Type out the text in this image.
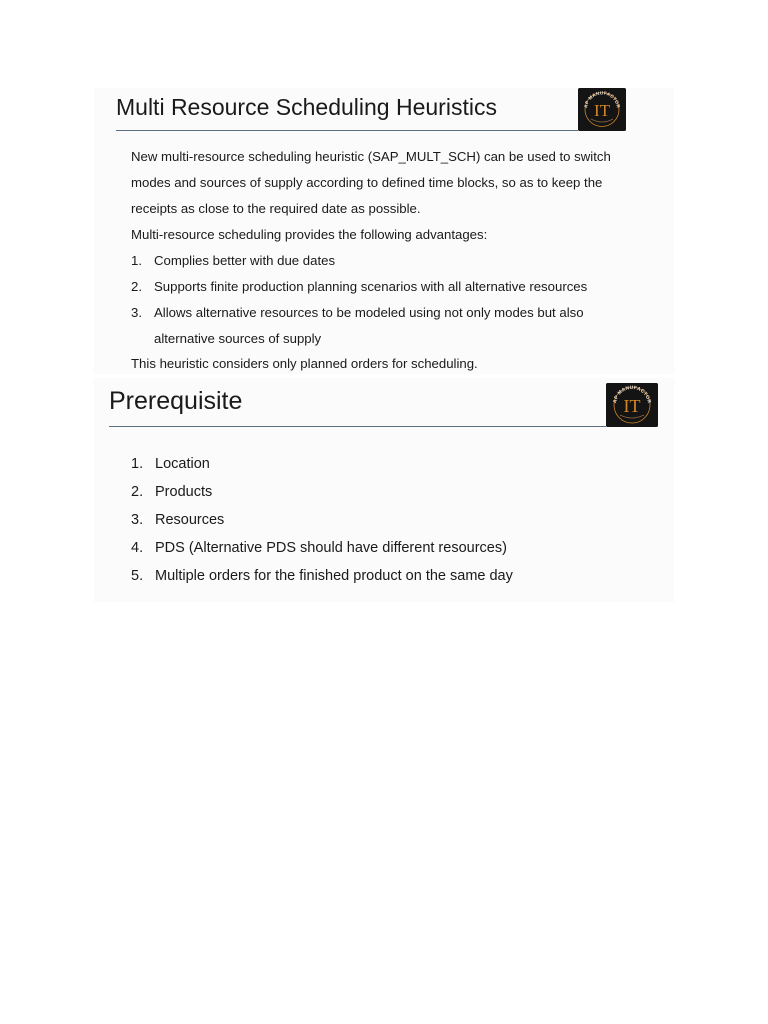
Multi Resource Scheduling Heuristics	AP MANUFACTOR
IT

New multi-resource scheduling heuristic (SAP_MULT_SCH) can be used to switch

modes and sources of supply according to defined time blocks, so as to keep the

receipts as close to the required date as possible.

Multi-resource scheduling provides the following advantages:

1. Complies better with due dates
2. Supports finite production planning scenarios with all alternative resources
3. Allows alternative resources to be modeled using not only modes but also
alternative sources of supply

This heuristic considers only planned orders for scheduling.

Prerequisite	AP MANUFACTOR
IT
1. Location
2. Products
3. Resources
4. PDS (Alternative PDS should have different resources)
5. Multiple orders for the finished product on the same day
